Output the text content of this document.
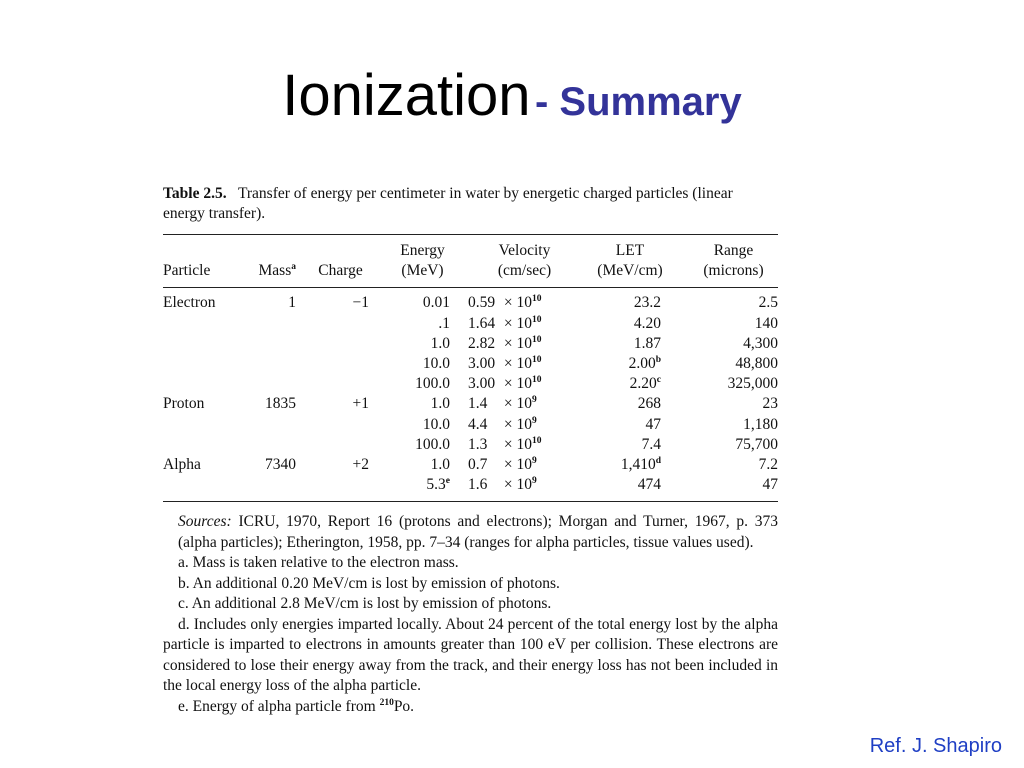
Ionization - Summary

Table 2.5. Transfer of energy per centimeter in water by energetic charged particles (linear energy transfer).

			Energy	Velocity	LET	Range
Particle	Mass$^a$	Charge	(MeV)	(cm/sec)	(MeV/cm)	(microns)
Electron	1	−1	0.01	$0.59 \times 10^{10}$	23.2	2.5
			.1	$1.64 \times 10^{10}$	4.20	140
			1.0	$2.82 \times 10^{10}$	1.87	4,300
			10.0	$3.00 \times 10^{10}$	2.00$^b$	48,800
			100.0	$3.00 \times 10^{10}$	2.20$^c$	325,000
Proton	1835	+1	1.0	$1.4 \times 10^9$	268	23
			10.0	$4.4 \times 10^9$	47	1,180
			100.0	$1.3 \times 10^{10}$	7.4	75,700
Alpha	7340	+2	1.0	$0.7 \times 10^9$	1,410$^d$	7.2
			5.3e	$1.6 \times 10^9$	474	47

Sources: ICRU, 1970, Report 16 (protons and electrons); Morgan and Turner, 1967, p. 373 (alpha particles); Etherington, 1958, pp. 7–34 (ranges for alpha particles, tissue values used).

a. Mass is taken relative to the electron mass.

b. An additional 0.20 MeV/cm is lost by emission of photons.

c. An additional 2.8 MeV/cm is lost by emission of photons.

d. Includes only energies imparted locally. About 24 percent of the total energy lost by the alpha particle is imparted to electrons in amounts greater than 100 eV per collision. These electrons are considered to lose their energy away from the track, and their energy loss has not been included in the local energy loss of the alpha particle.

e. Energy of alpha particle from $^{210}$Po.

Ref. J. Shapiro
